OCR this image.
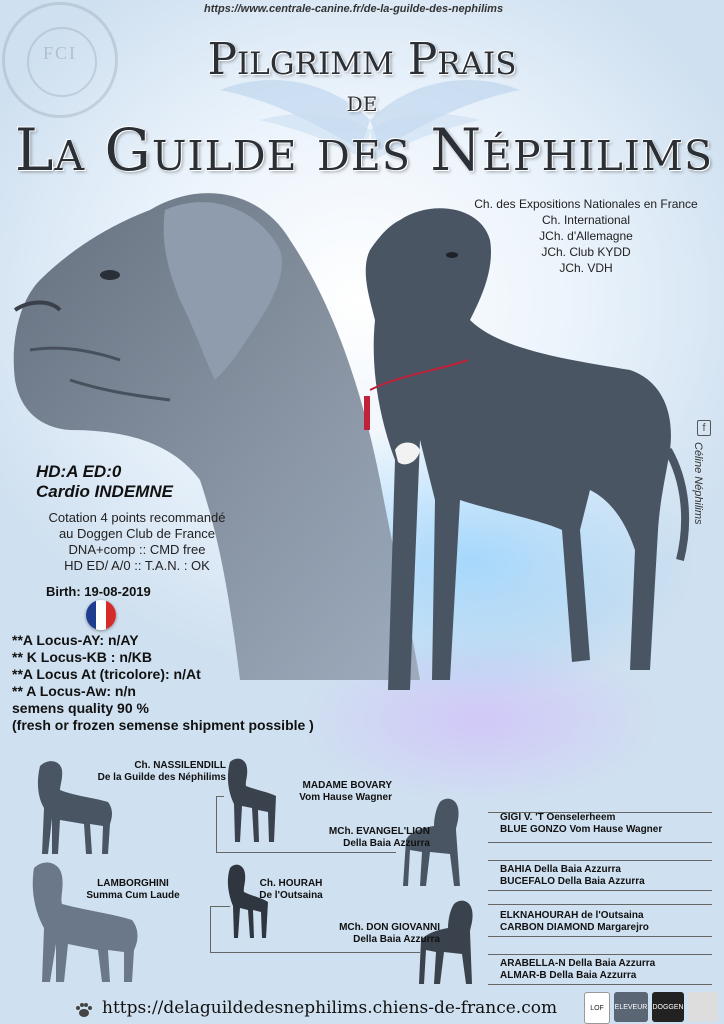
FCI
https://www.centrale-canine.fr/de-la-guilde-des-nephilims
Pilgrimm Prais
de
La Guilde des Néphilims
Ch. des Expositions Nationales en France
Ch. International
JCh. d'Allemagne
JCh. Club KYDD
JCh. VDH
f
Céline Néphilims
HD:A ED:0
Cardio INDEMNE
Cotation 4 points recommandé
au Doggen Club de France
DNA+comp :: CMD free
HD ED/ A/0 :: T.A.N. : OK
Birth: 19-08-2019
**A Locus-AY: n/AY
** K Locus-KB : n/KB
**A Locus At (tricolore): n/At
** A Locus-Aw: n/n
semens quality 90 %
(fresh or frozen semense shipment possible )
Ch. NASSILENDILL
De la Guilde des Néphilims
LAMBORGHINI
Summa Cum Laude
MADAME BOVARY
Vom Hause Wagner
MCh. EVANGEL'LION
Della Baia Azzurra
Ch. HOURAH
De l'Outsaina
MCh. DON GIOVANNI
Della Baia Azzurra
GIGI V. 'T Oenselerheem
BLUE GONZO Vom Hause Wagner
BAHIA Della Baia Azzurra
BUCEFALO Della Baia Azzurra
ELKNAHOURAH de l'Outsaina
CARBON DIAMOND Margarejro
ARABELLA-N Della Baia Azzurra
ALMAR-B Della Baia Azzurra
https://delaguildedesnephilims.chiens-de-france.com	LOF	ELEVEUR DOGGEN
